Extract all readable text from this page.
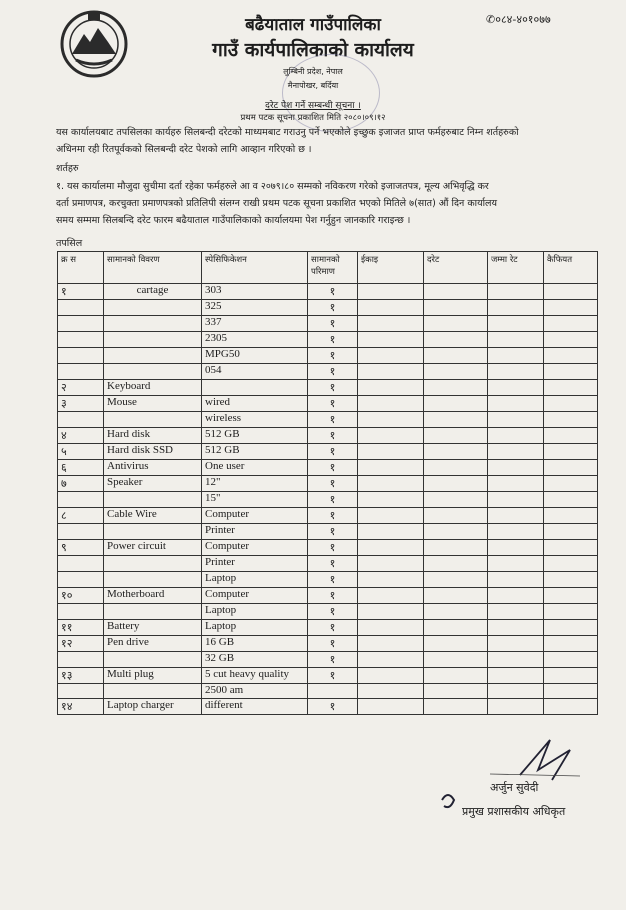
बढैयाताल गाउँपालिका	✆०८४-४०१०७७
गाउँ कार्यपालिकाको कार्यालय
लुम्बिनी प्रदेश, नेपाल
मैनापोखर, बर्दिया
दरेट पेश गर्ने सम्बन्धी सूचना ।
प्रथम पटक सूचना प्रकाशित मिति २०८०।०९।१२
यस कार्यालयबाट तपसिलका कार्यहरु सिलबन्दी दरेटको माध्यमबाट गराउनु पर्ने भएकोले इच्छुक इजाजत प्राप्त फर्महरुबाट निम्न शर्तहरुको
अधिनमा रही रितपूर्वकको सिलबन्दी दरेट पेशको लागि आव्हान गरिएको छ ।
शर्तहरु
१. यस कार्यालमा मौजुदा सुचीमा दर्ता रहेका फर्महरुले आ व २०७९।८० सम्मको नविकरण गरेको इजाजतपत्र, मूल्य अभिवृद्धि कर
दर्ता प्रमाणपत्र, करचुक्ता प्रमाणपत्रको प्रतिलिपी संलग्न राखी प्रथम पटक सूचना प्रकाशित भएको मितिले ७(सात) औं दिन कार्यालय
समय सम्ममा सिलबन्दि दरेट फारम बढैयाताल गाउँपालिकाको कार्यालयमा पेश गर्नुहुन जानकारि गराइन्छ ।
तपसिल
क्र स	सामानको विवरण	स्पेसिफिकेशन	सामानको परिमाण	ईकाइ	दरेट	जम्मा रेट	कैफियत
१	cartage	303	१				
		325	१				
		337	१				
		2305	१				
		MPG50	१				
		054	१				
२	Keyboard		१				
३	Mouse	wired	१				
		wireless	१				
४	Hard disk	512 GB	१				
५	Hard disk SSD	512 GB	१				
६	Antivirus	One user	१				
७	Speaker	12"	१				
		15"	१				
८	Cable Wire	Computer	१				
		Printer	१				
९	Power circuit	Computer	१				
		Printer	१				
		Laptop	१				
१०	Motherboard	Computer	१				
		Laptop	१				
११	Battery	Laptop	१				
१२	Pen drive	16 GB	१				
		32 GB	१				
१३	Multi plug	5 cut heavy quality	१				
		2500 am					
१४	Laptop charger	different	१				
अर्जुन सुवेदी
प्रमुख प्रशासकीय अधिकृत
